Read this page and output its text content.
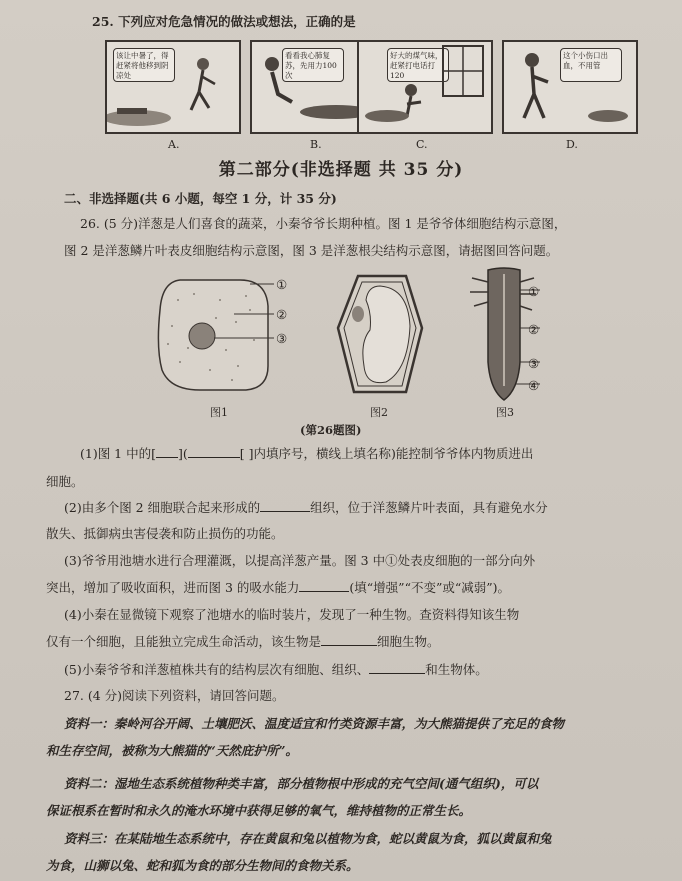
25. 下列应对危急情况的做法或想法，正确的是
该让中暑了，得赶紧将他移到阴凉处
看看我心肺复苏，先用力100次
好大的煤气味，赶紧打电话打120
这个小伤口出血，不用管
A.	B.	C.	D.
第二部分(非选择题 共 35 分)
二、非选择题(共 6 小题，每空 1 分，计 35 分)
26. (5 分)洋葱是人们喜食的蔬菜，小秦爷爷长期种植。图 1 是爷爷体细胞结构示意图，
图 2 是洋葱鳞片叶表皮细胞结构示意图，图 3 是洋葱根尖结构示意图，请据图回答问题。
①
②
③
图1	图2
①
②
③
④
图3
(第26题图)
(1)图 1 中的[ ](	[ ]内填序号，横线上填名称)能控制爷爷体内物质进出
细胞。
(2)由多个图 2 细胞联合起来形成的	组织，位于洋葱鳞片叶表面，具有避免水分
散失、抵御病虫害侵袭和防止损伤的功能。
(3)爷爷用池塘水进行合理灌溉，以提高洋葱产量。图 3 中①处表皮细胞的一部分向外
突出，增加了吸收面积，进而图 3 的吸水能力	(填“增强”“不变”或“减弱”)。
(4)小秦在显微镜下观察了池塘水的临时装片，发现了一种生物。查资料得知该生物
仅有一个细胞，且能独立完成生命活动，该生物是	细胞生物。
(5)小秦爷爷和洋葱植株共有的结构层次有细胞、组织、	和生物体。
27. (4 分)阅读下列资料，请回答问题。
资料一：秦岭河谷开阔、土壤肥沃、温度适宜和竹类资源丰富，为大熊猫提供了充足的食物
和生存空间，被称为大熊猫的“天然庇护所”。
资料二：湿地生态系统植物种类丰富，部分植物根中形成的充气空间(通气组织)，可以
保证根系在暂时和永久的淹水环境中获得足够的氧气，维持植物的正常生长。
资料三：在某陆地生态系统中，存在黄鼠和兔以植物为食，蛇以黄鼠为食，狐以黄鼠和兔
为食，山狮以兔、蛇和狐为食的部分生物间的食物关系。
